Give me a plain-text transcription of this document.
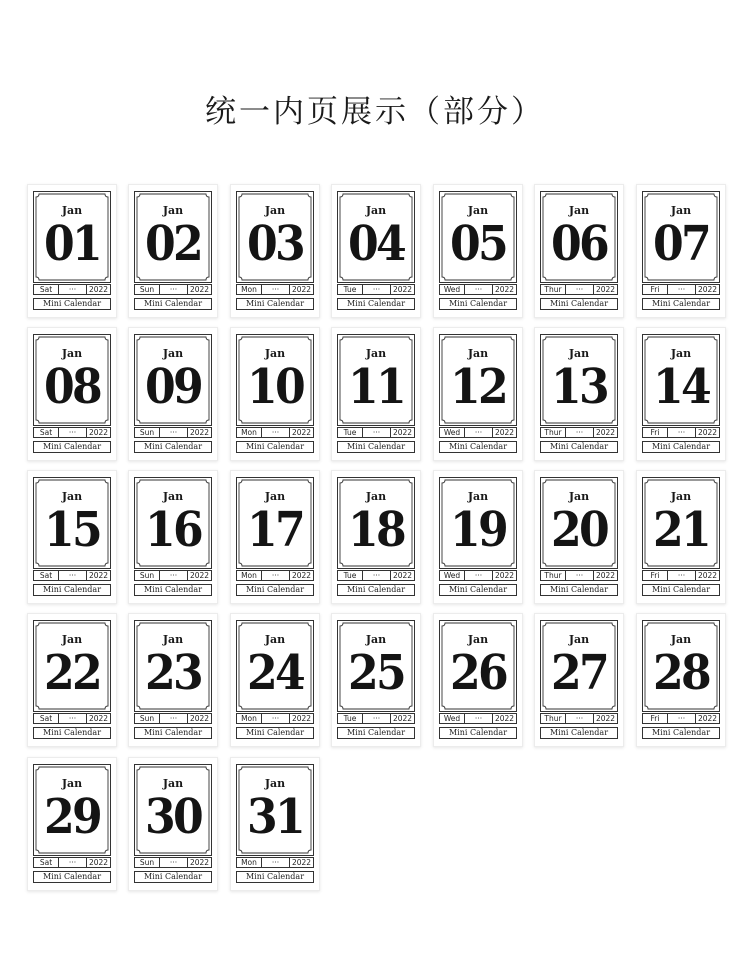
统一内页展示（部分）
Jan
01
Sat	···	2022
Mini Calendar
Jan
02
Sun	···	2022
Mini Calendar
Jan
03
Mon	···	2022
Mini Calendar
Jan
04
Tue	···	2022
Mini Calendar
Jan
05
Wed	···	2022
Mini Calendar
Jan
06
Thur	···	2022
Mini Calendar
Jan
07
Fri	···	2022
Mini Calendar
Jan
08
Sat	···	2022
Mini Calendar
Jan
09
Sun	···	2022
Mini Calendar
Jan
10
Mon	···	2022
Mini Calendar
Jan
11
Tue	···	2022
Mini Calendar
Jan
12
Wed	···	2022
Mini Calendar
Jan
13
Thur	···	2022
Mini Calendar
Jan
14
Fri	···	2022
Mini Calendar
Jan
15
Sat	···	2022
Mini Calendar
Jan
16
Sun	···	2022
Mini Calendar
Jan
17
Mon	···	2022
Mini Calendar
Jan
18
Tue	···	2022
Mini Calendar
Jan
19
Wed	···	2022
Mini Calendar
Jan
20
Thur	···	2022
Mini Calendar
Jan
21
Fri	···	2022
Mini Calendar
Jan
22
Sat	···	2022
Mini Calendar
Jan
23
Sun	···	2022
Mini Calendar
Jan
24
Mon	···	2022
Mini Calendar
Jan
25
Tue	···	2022
Mini Calendar
Jan
26
Wed	···	2022
Mini Calendar
Jan
27
Thur	···	2022
Mini Calendar
Jan
28
Fri	···	2022
Mini Calendar
Jan
29
Sat	···	2022
Mini Calendar
Jan
30
Sun	···	2022
Mini Calendar
Jan
31
Mon	···	2022
Mini Calendar
